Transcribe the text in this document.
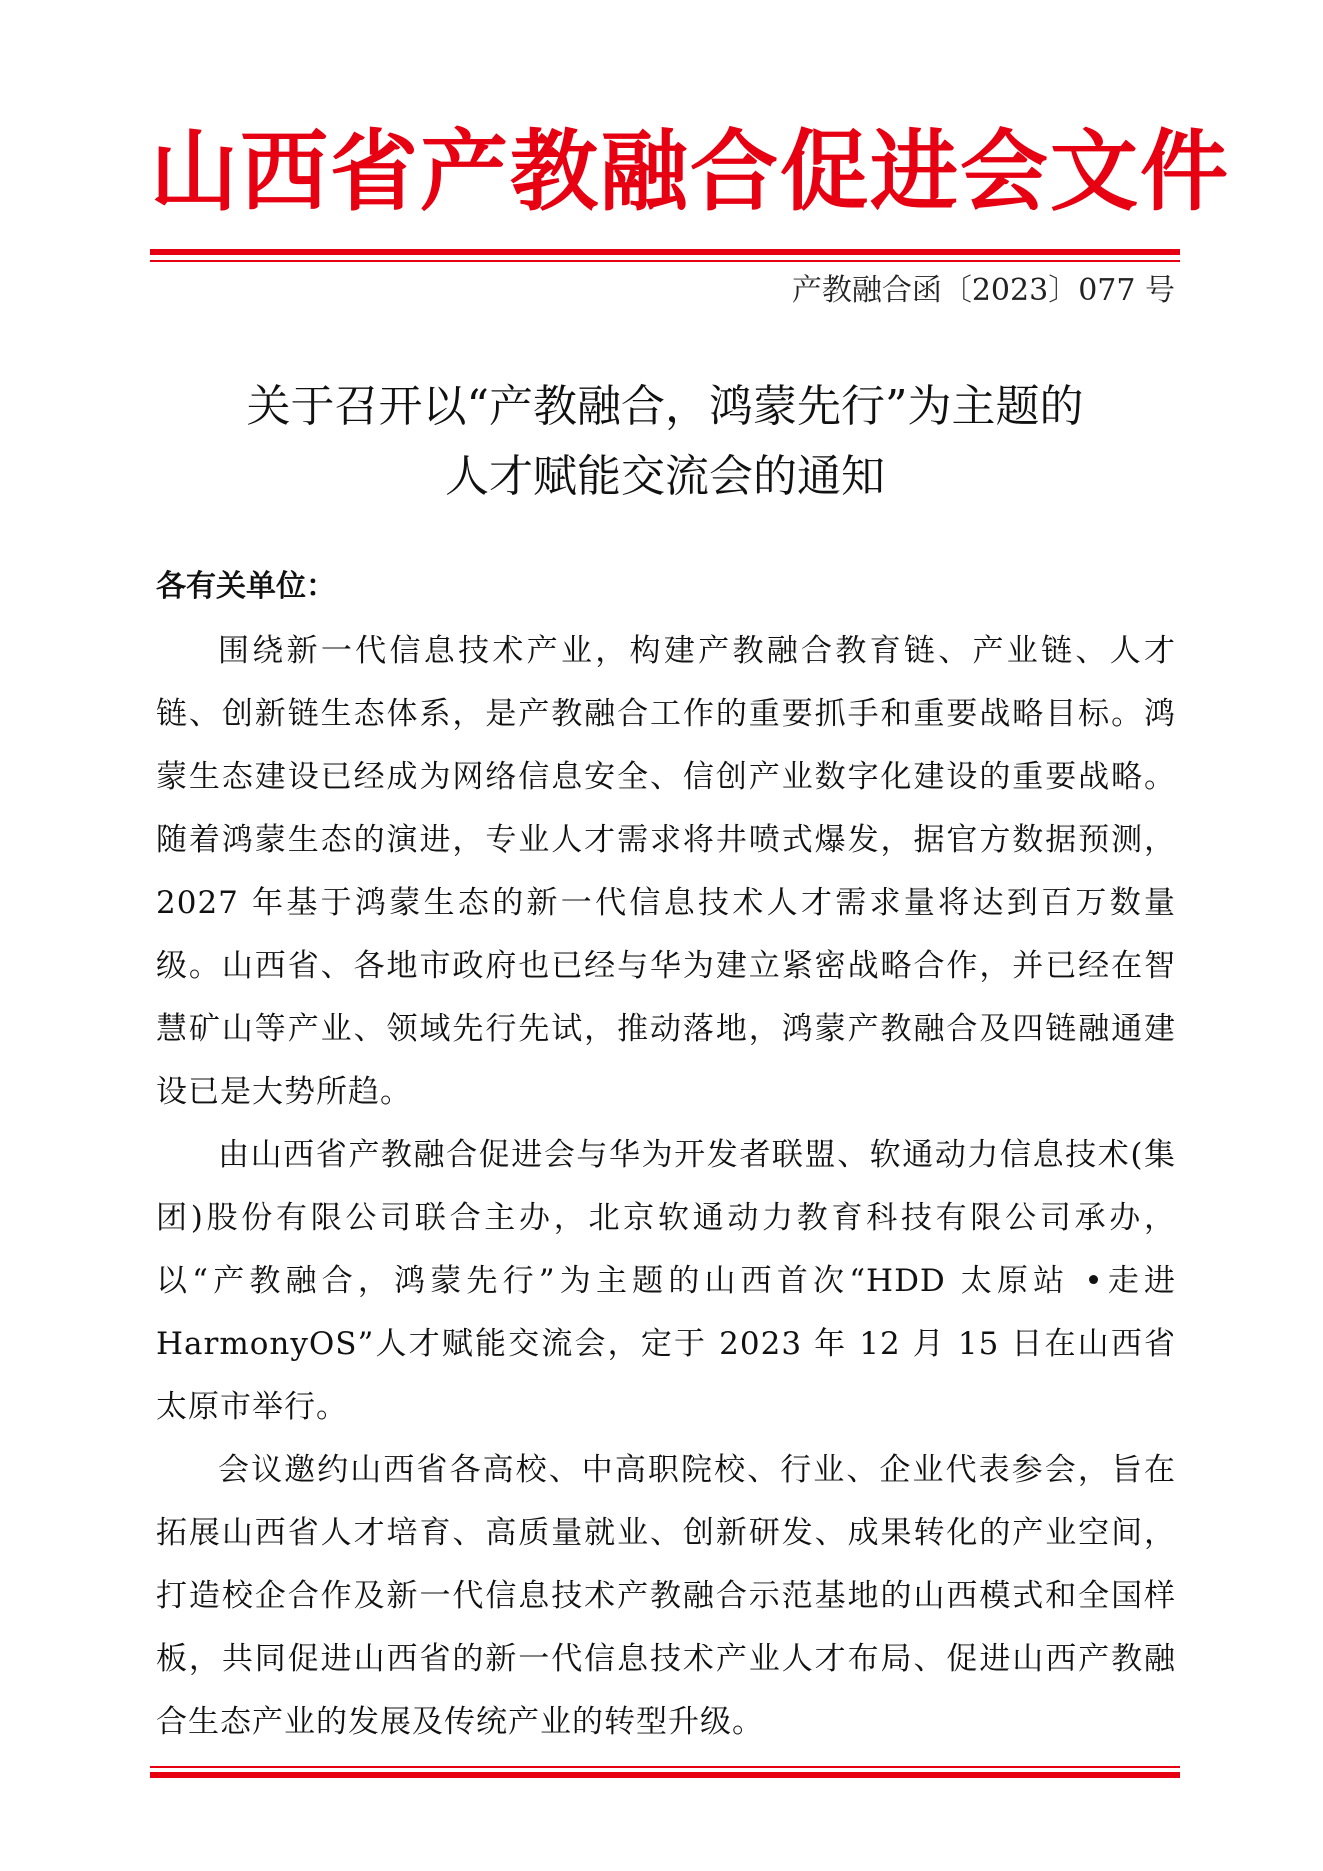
山西省产教融合促进会文件
产教融合函〔2023〕077 号
关于召开以“产教融合，鸿蒙先行”为主题的
人才赋能交流会的通知
各有关单位：

围绕新一代信息技术产业，构建产教融合教育链、产业链、人才链、创新链生态体系，是产教融合工作的重要抓手和重要战略目标。鸿蒙生态建设已经成为网络信息安全、信创产业数字化建设的重要战略。随着鸿蒙生态的演进，专业人才需求将井喷式爆发，据官方数据预测，2027 年基于鸿蒙生态的新一代信息技术人才需求量将达到百万数量级。山西省、各地市政府也已经与华为建立紧密战略合作，并已经在智慧矿山等产业、领域先行先试，推动落地，鸿蒙产教融合及四链融通建设已是大势所趋。

由山西省产教融合促进会与华为开发者联盟、软通动力信息技术(集团)股份有限公司联合主办，北京软通动力教育科技有限公司承办，以“产教融合，鸿蒙先行”为主题的山西首次“HDD 太原站 •走进 HarmonyOS”人才赋能交流会，定于 2023 年 12 月 15 日在山西省太原市举行。

会议邀约山西省各高校、中高职院校、行业、企业代表参会，旨在拓展山西省人才培育、高质量就业、创新研发、成果转化的产业空间，打造校企合作及新一代信息技术产教融合示范基地的山西模式和全国样板，共同促进山西省的新一代信息技术产业人才布局、促进山西产教融合生态产业的发展及传统产业的转型升级。
